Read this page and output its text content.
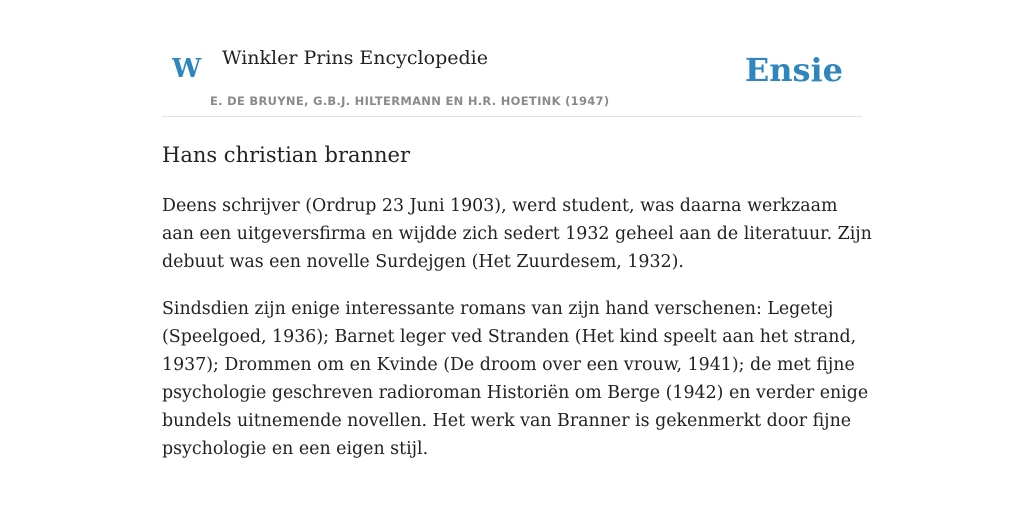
W Winkler Prins Encyclopedie
E. DE BRUYNE, G.B.J. HILTERMANN EN H.R. HOETINK (1947)
Ensie
Hans christian branner

Deens schrijver (Ordrup 23 Juni 1903), werd student, was daarna werkzaam aan een uitgeversfirma en wijdde zich sedert 1932 geheel aan de literatuur. Zijn debuut was een novelle Surdejgen (Het Zuurdesem, 1932).

Sindsdien zijn enige interessante romans van zijn hand verschenen: Legetej (Speelgoed, 1936); Barnet leger ved Stranden (Het kind speelt aan het strand, 1937); Drommen om en Kvinde (De droom over een vrouw, 1941); de met fijne psychologie geschreven radioroman Historiën om Berge (1942) en verder enige bundels uitnemende novellen. Het werk van Branner is gekenmerkt door fijne psychologie en een eigen stijl.
